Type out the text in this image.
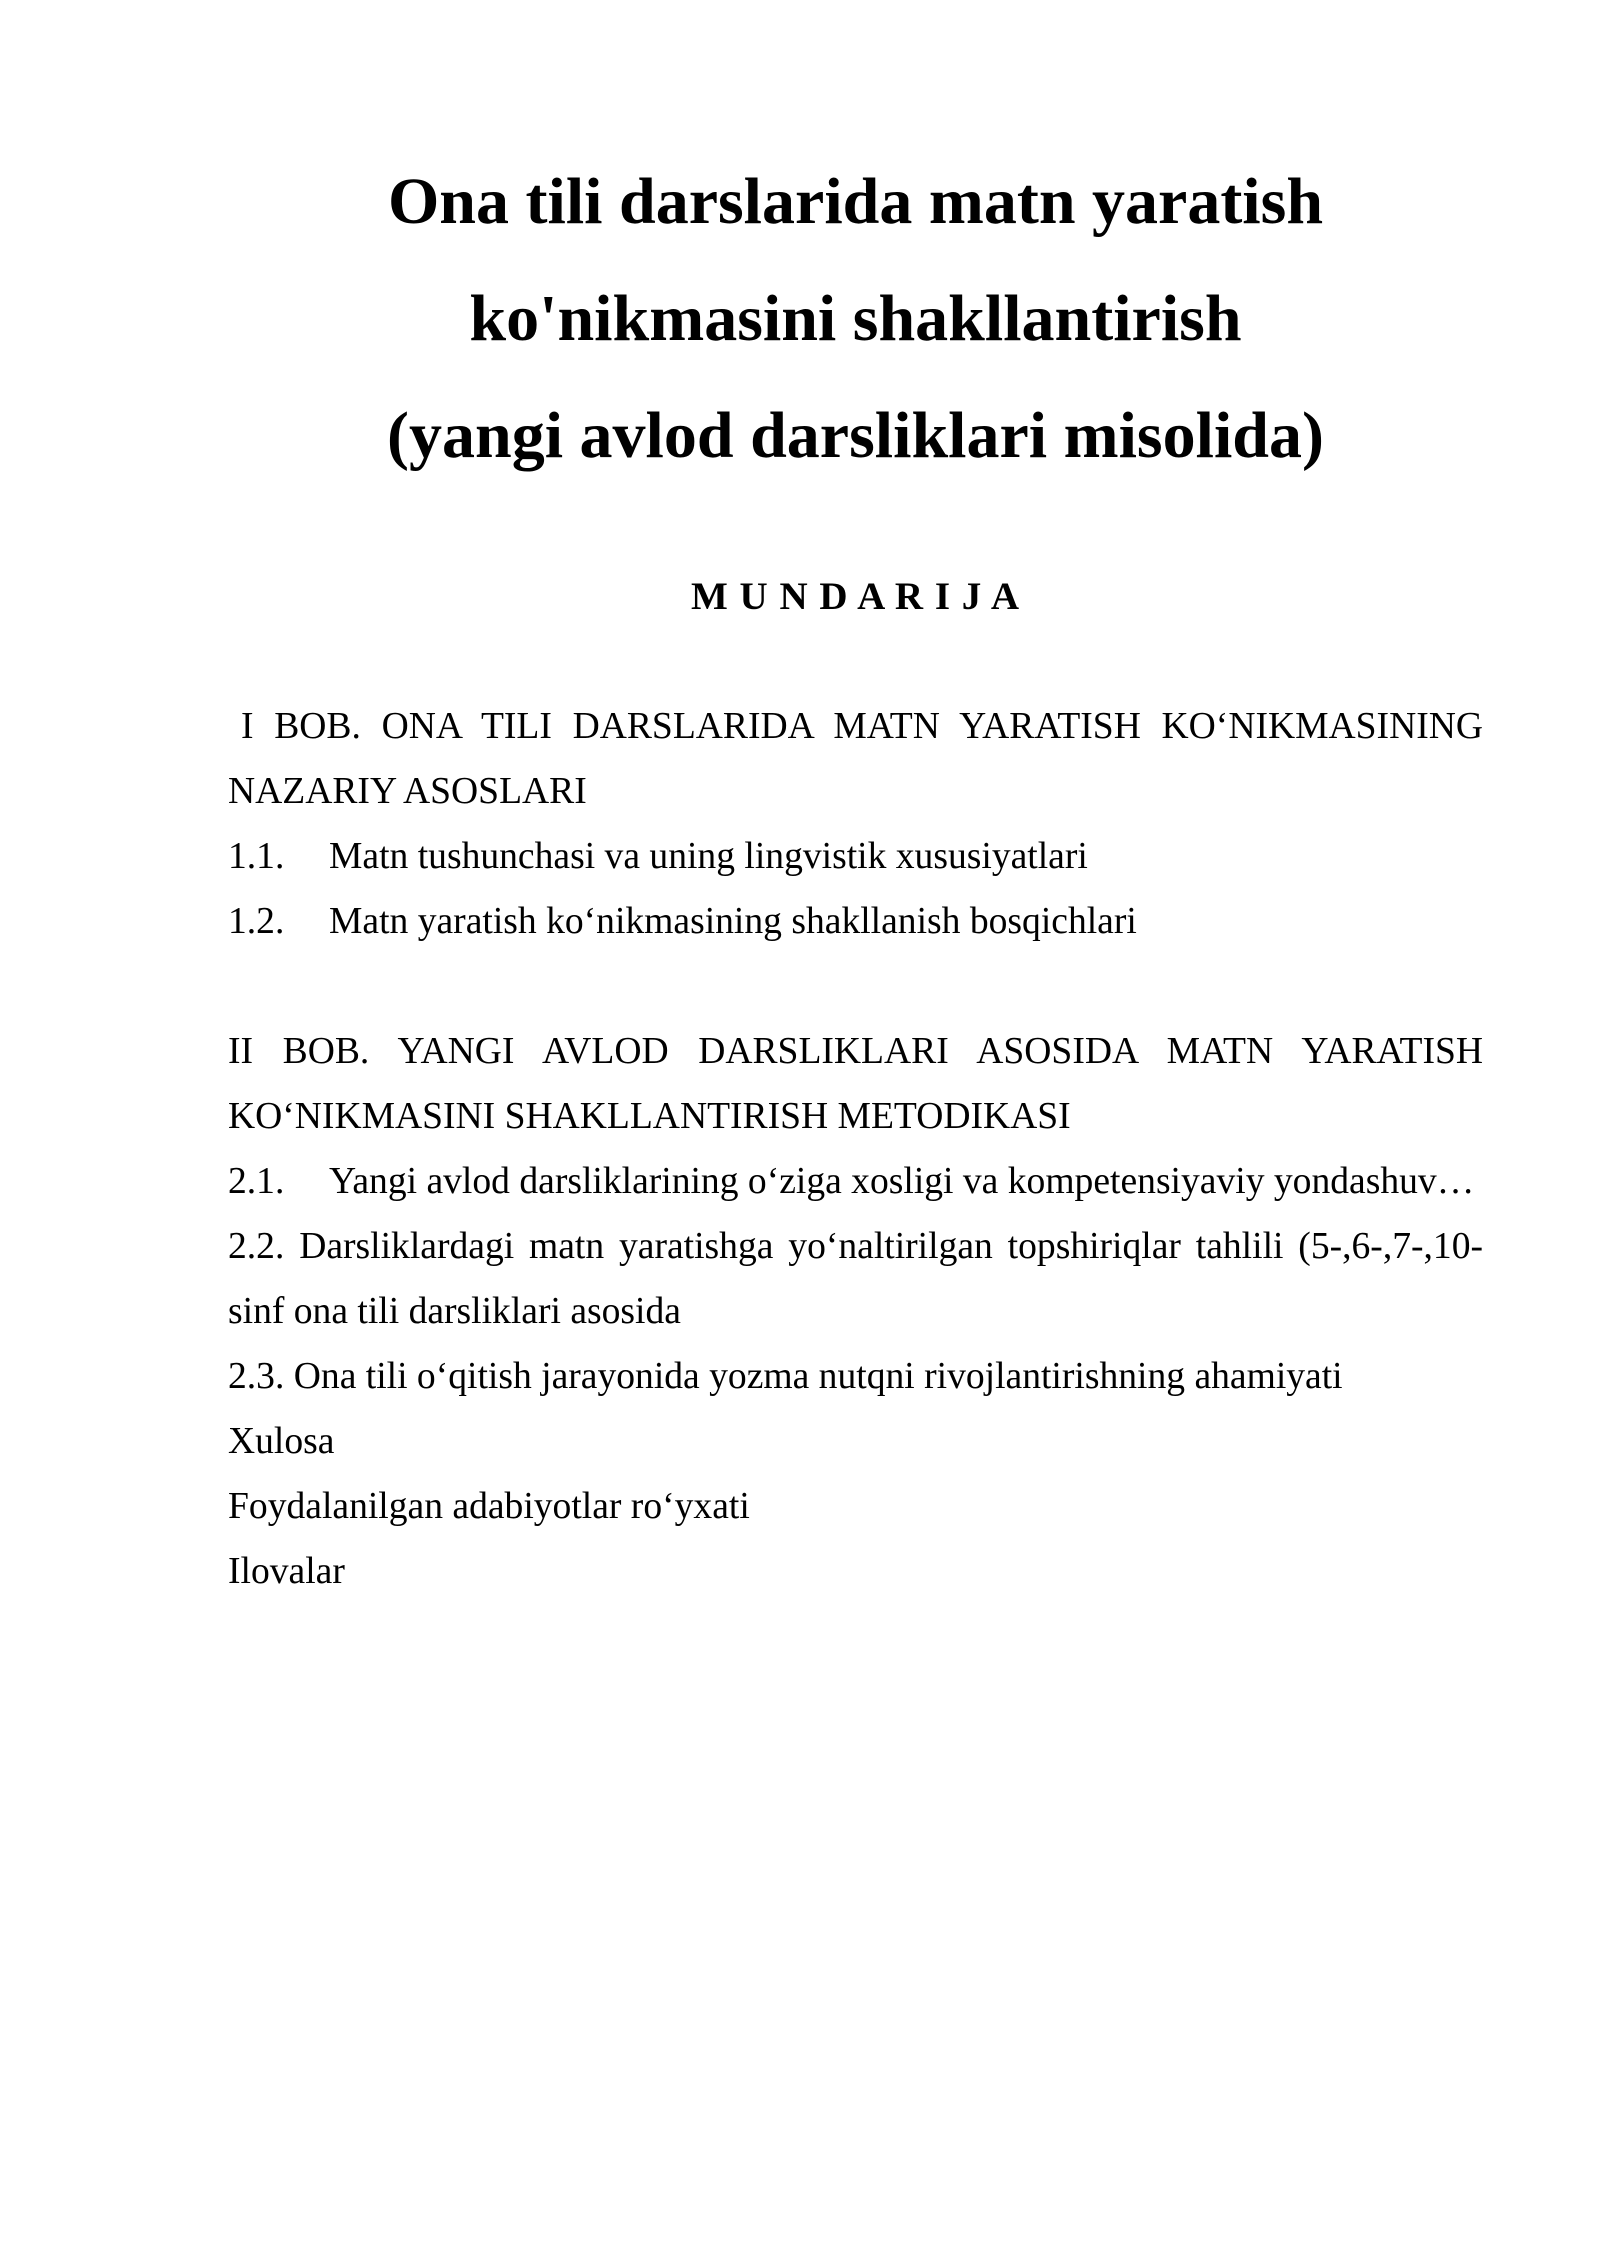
Ona tili darslarida matn yaratish
ko'nikmasini shakllantirish
(yangi avlod darsliklari misolida)
M U N D A R I J A
I BOB. ONA TILI DARSLARIDA MATN YARATISH KOʻNIKMASINING
NAZARIY ASOSLARI
1.1. Matn tushunchasi va uning lingvistik xususiyatlari
1.2. Matn yaratish koʻnikmasining shakllanish bosqichlari
II BOB. YANGI AVLOD DARSLIKLARI ASOSIDA MATN YARATISH
KOʻNIKMASINI SHAKLLANTIRISH METODIKASI
2.1. Yangi avlod darsliklarining oʻziga xosligi va kompetensiyaviy yondashuv…
2.2. Darsliklardagi matn yaratishga yoʻnaltirilgan topshiriqlar tahlili (5-,6-,7-,10-
sinf ona tili darsliklari asosida
2.3. Ona tili oʻqitish jarayonida yozma nutqni rivojlantirishning ahamiyati
Xulosa
Foydalanilgan adabiyotlar roʻyxati
Ilovalar
